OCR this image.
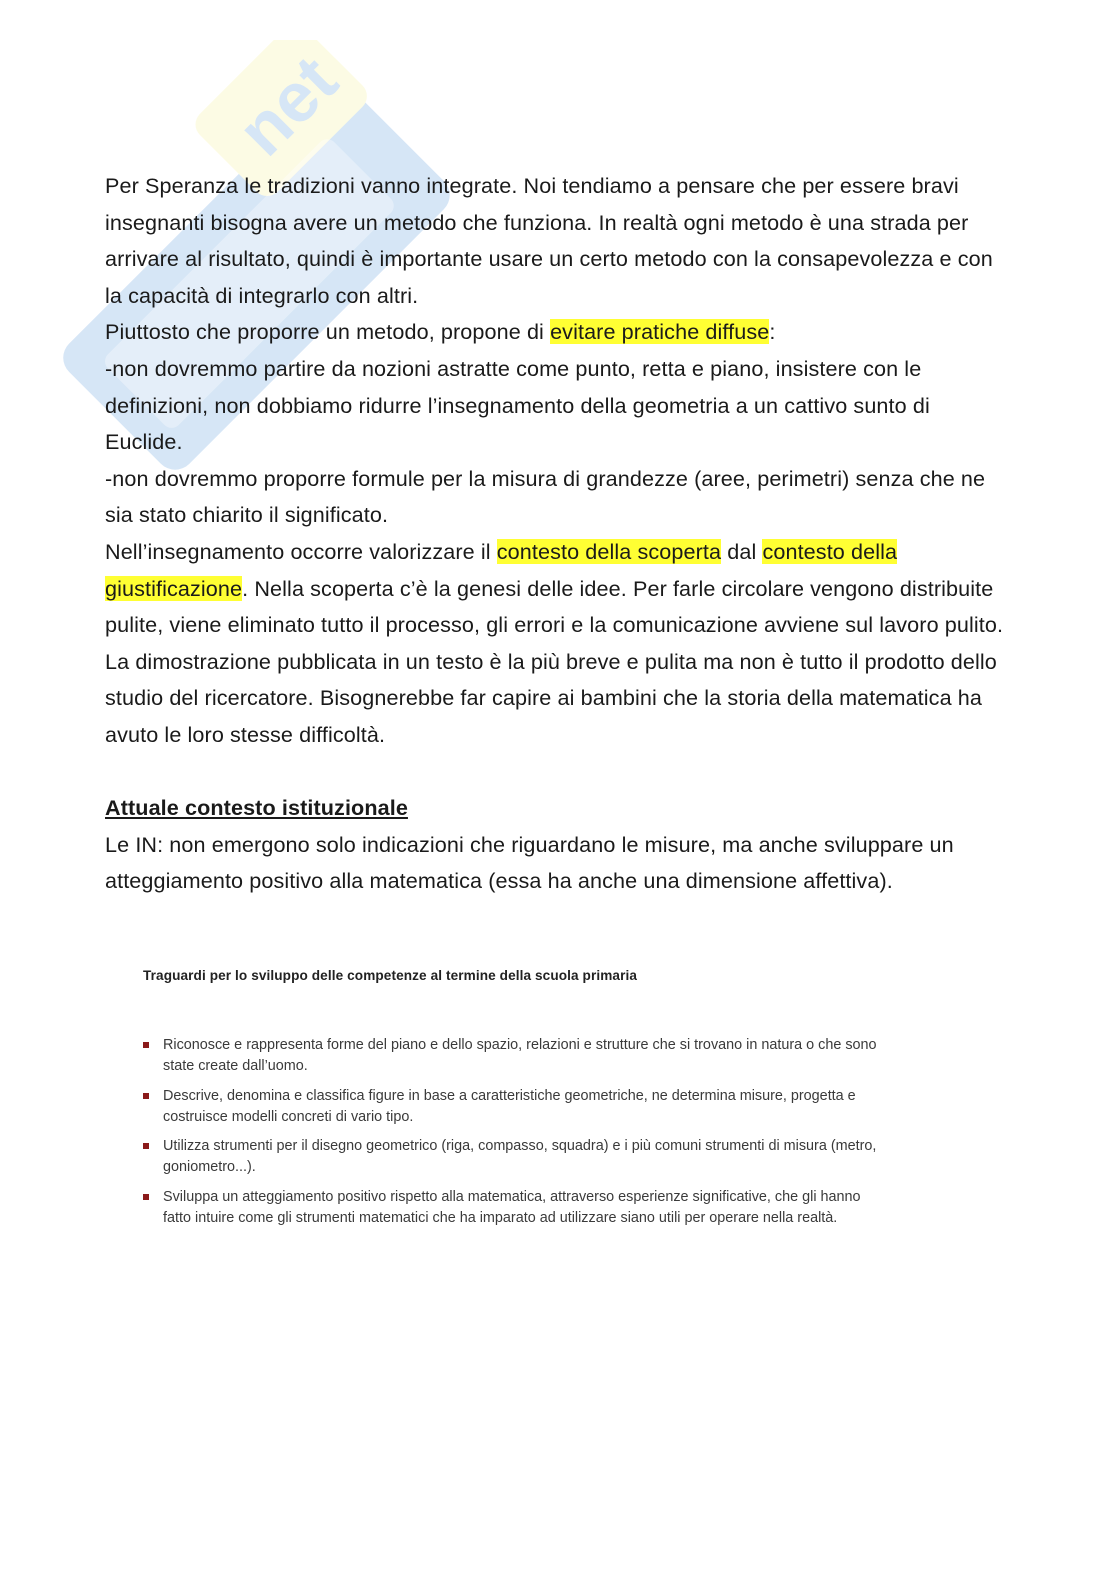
net

Per Speranza le tradizioni vanno integrate. Noi tendiamo a pensare che per essere bravi insegnanti bisogna avere un metodo che funziona. In realtà ogni metodo è una strada per arrivare al risultato, quindi è importante usare un certo metodo con la consapevolezza e con la capacità di integrarlo con altri.

Piuttosto che proporre un metodo, propone di evitare pratiche diffuse:

-non dovremmo partire da nozioni astratte come punto, retta e piano, insistere con le definizioni, non dobbiamo ridurre l’insegnamento della geometria a un cattivo sunto di Euclide.

-non dovremmo proporre formule per la misura di grandezze (aree, perimetri) senza che ne sia stato chiarito il significato.

Nell’insegnamento occorre valorizzare il contesto della scoperta dal contesto della giustificazione. Nella scoperta c’è la genesi delle idee. Per farle circolare vengono distribuite pulite, viene eliminato tutto il processo, gli errori e la comunicazione avviene sul lavoro pulito. La dimostrazione pubblicata in un testo è la più breve e pulita ma non è tutto il prodotto dello studio del ricercatore. Bisognerebbe far capire ai bambini che la storia della matematica ha avuto le loro stesse difficoltà.

Attuale contesto istituzionale

Le IN: non emergono solo indicazioni che riguardano le misure, ma anche sviluppare un atteggiamento positivo alla matematica (essa ha anche una dimensione affettiva).

Traguardi per lo sviluppo delle competenze al termine della scuola primaria

Riconosce e rappresenta forme del piano e dello spazio, relazioni e strutture che si trovano in natura o che sono state create dall’uomo.
Descrive, denomina e classifica figure in base a caratteristiche geometriche, ne determina misure, progetta e costruisce modelli concreti di vario tipo.
Utilizza strumenti per il disegno geometrico (riga, compasso, squadra) e i più comuni strumenti di misura (metro, goniometro...).
Sviluppa un atteggiamento positivo rispetto alla matematica, attraverso esperienze significative, che gli hanno fatto intuire come gli strumenti matematici che ha imparato ad utilizzare siano utili per operare nella realtà.
